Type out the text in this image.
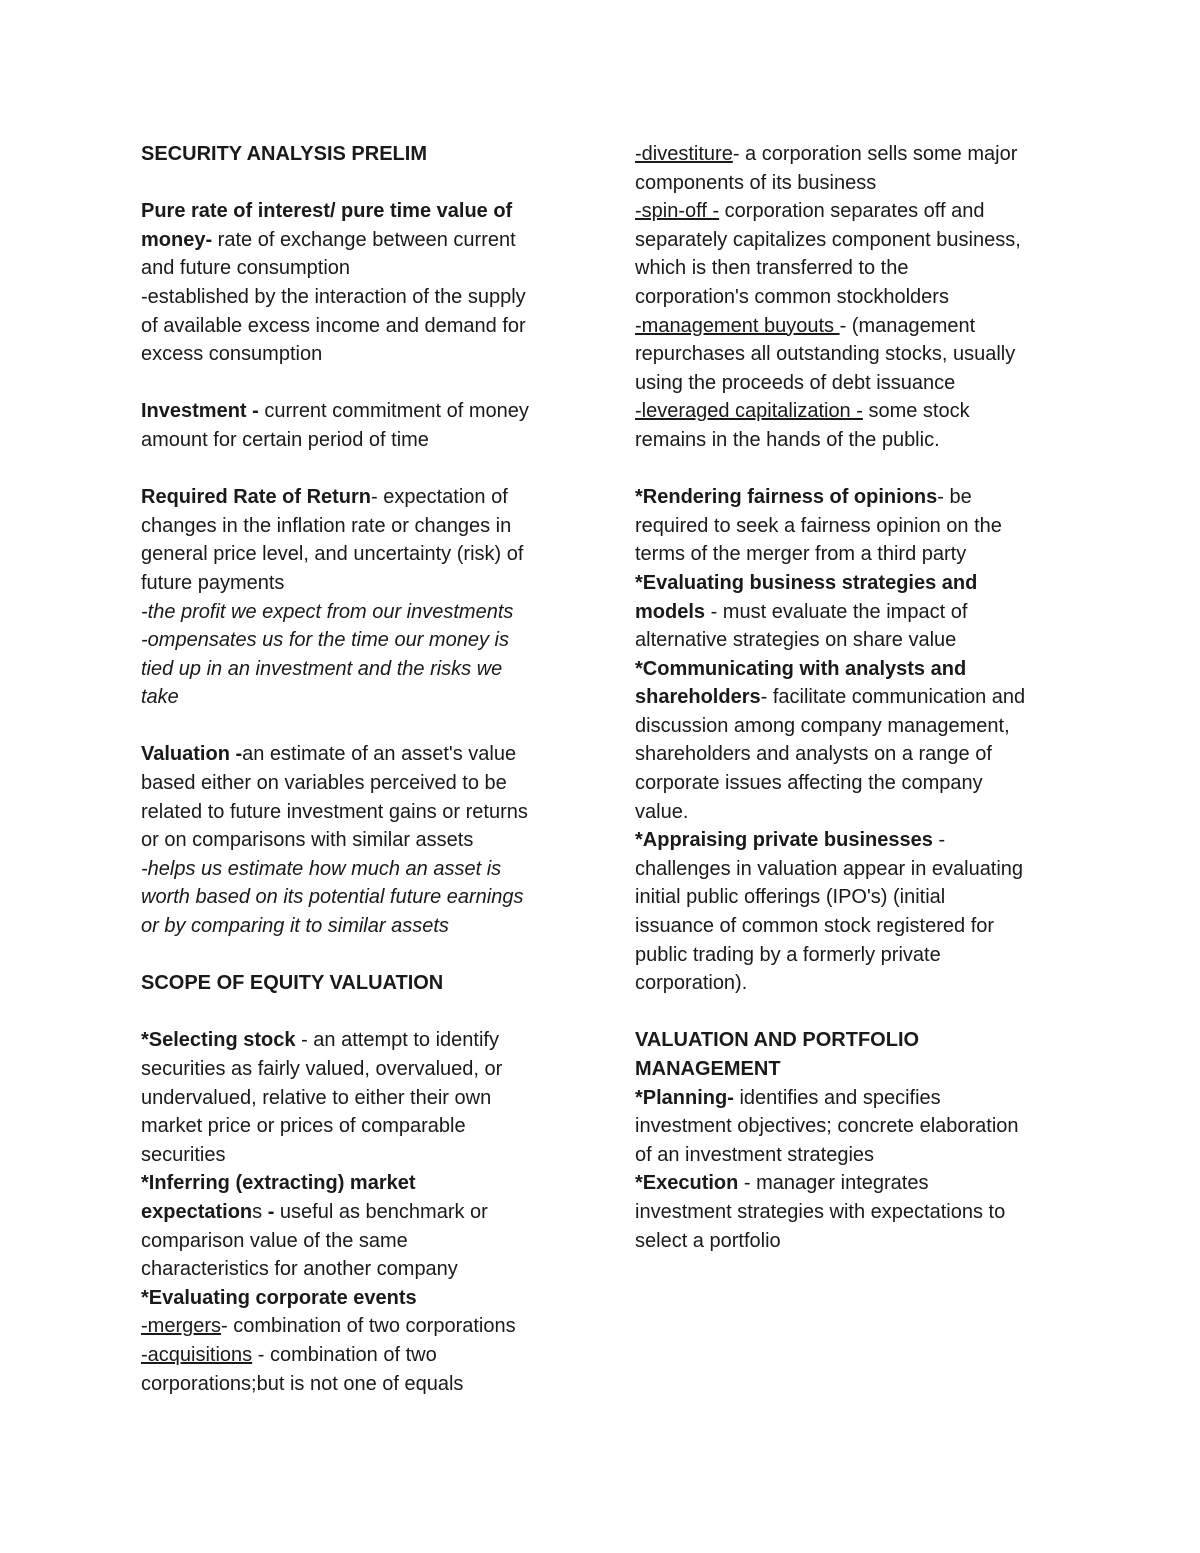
SECURITY ANALYSIS PRELIM
Pure rate of interest/ pure time value of
money- rate of exchange between current
and future consumption
-established by the interaction of the supply
of available excess income and demand for
excess consumption
Investment - current commitment of money
amount for certain period of time
Required Rate of Return- expectation of
changes in the inflation rate or changes in
general price level, and uncertainty (risk) of
future payments
-the profit we expect from our investments
-ompensates us for the time our money is
tied up in an investment and the risks we
take
Valuation -an estimate of an asset's value
based either on variables perceived to be
related to future investment gains or returns
or on comparisons with similar assets
-helps us estimate how much an asset is
worth based on its potential future earnings
or by comparing it to similar assets
SCOPE OF EQUITY VALUATION
*Selecting stock - an attempt to identify
securities as fairly valued, overvalued, or
undervalued, relative to either their own
market price or prices of comparable
securities
*Inferring (extracting) market
expectations - useful as benchmark or
comparison value of the same
characteristics for another company
*Evaluating corporate events
-mergers- combination of two corporations
-acquisitions - combination of two
corporations;but is not one of equals
-divestiture- a corporation sells some major
components of its business
-spin-off - corporation separates off and
separately capitalizes component business,
which is then transferred to the
corporation's common stockholders
-management buyouts - (management
repurchases all outstanding stocks, usually
using the proceeds of debt issuance
-leveraged capitalization - some stock
remains in the hands of the public.
*Rendering fairness of opinions- be
required to seek a fairness opinion on the
terms of the merger from a third party
*Evaluating business strategies and
models - must evaluate the impact of
alternative strategies on share value
*Communicating with analysts and
shareholders- facilitate communication and
discussion among company management,
shareholders and analysts on a range of
corporate issues affecting the company
value.
*Appraising private businesses -
challenges in valuation appear in evaluating
initial public offerings (IPO's) (initial
issuance of common stock registered for
public trading by a formerly private
corporation).
VALUATION AND PORTFOLIO
MANAGEMENT
*Planning- identifies and specifies
investment objectives; concrete elaboration
of an investment strategies
*Execution - manager integrates
investment strategies with expectations to
select a portfolio
